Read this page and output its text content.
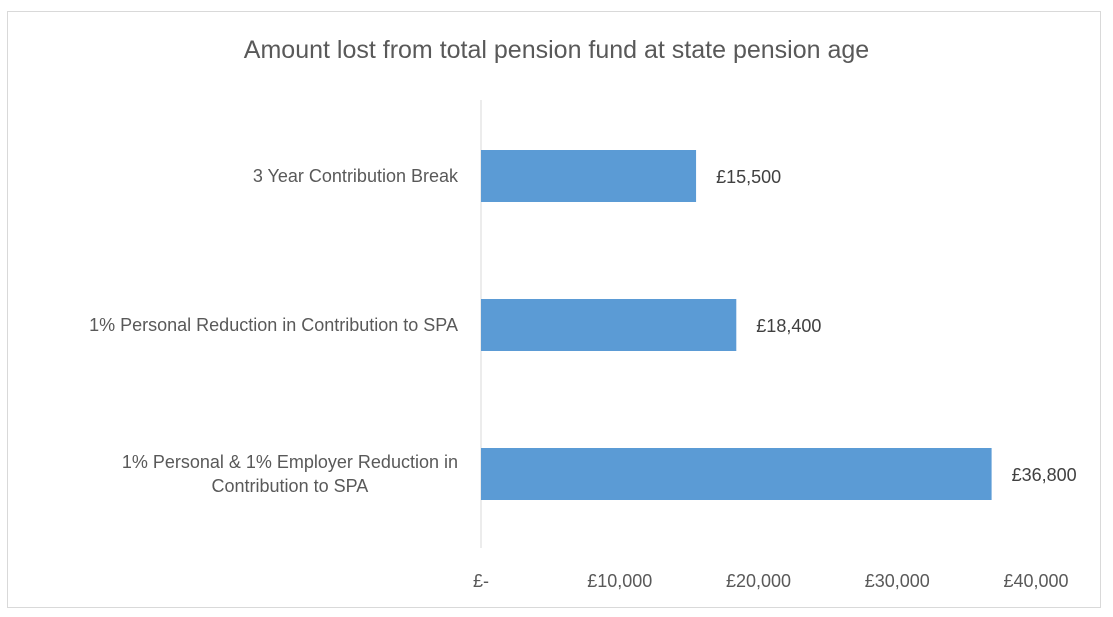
Amount lost from total pension fund at state pension age
3 Year Contribution Break	£15,500
1% Personal Reduction in Contribution to SPA	£18,400
1% Personal & 1% Employer Reduction in
Contribution to SPA
£36,800
£-	£10,000	£20,000	£30,000	£40,000
